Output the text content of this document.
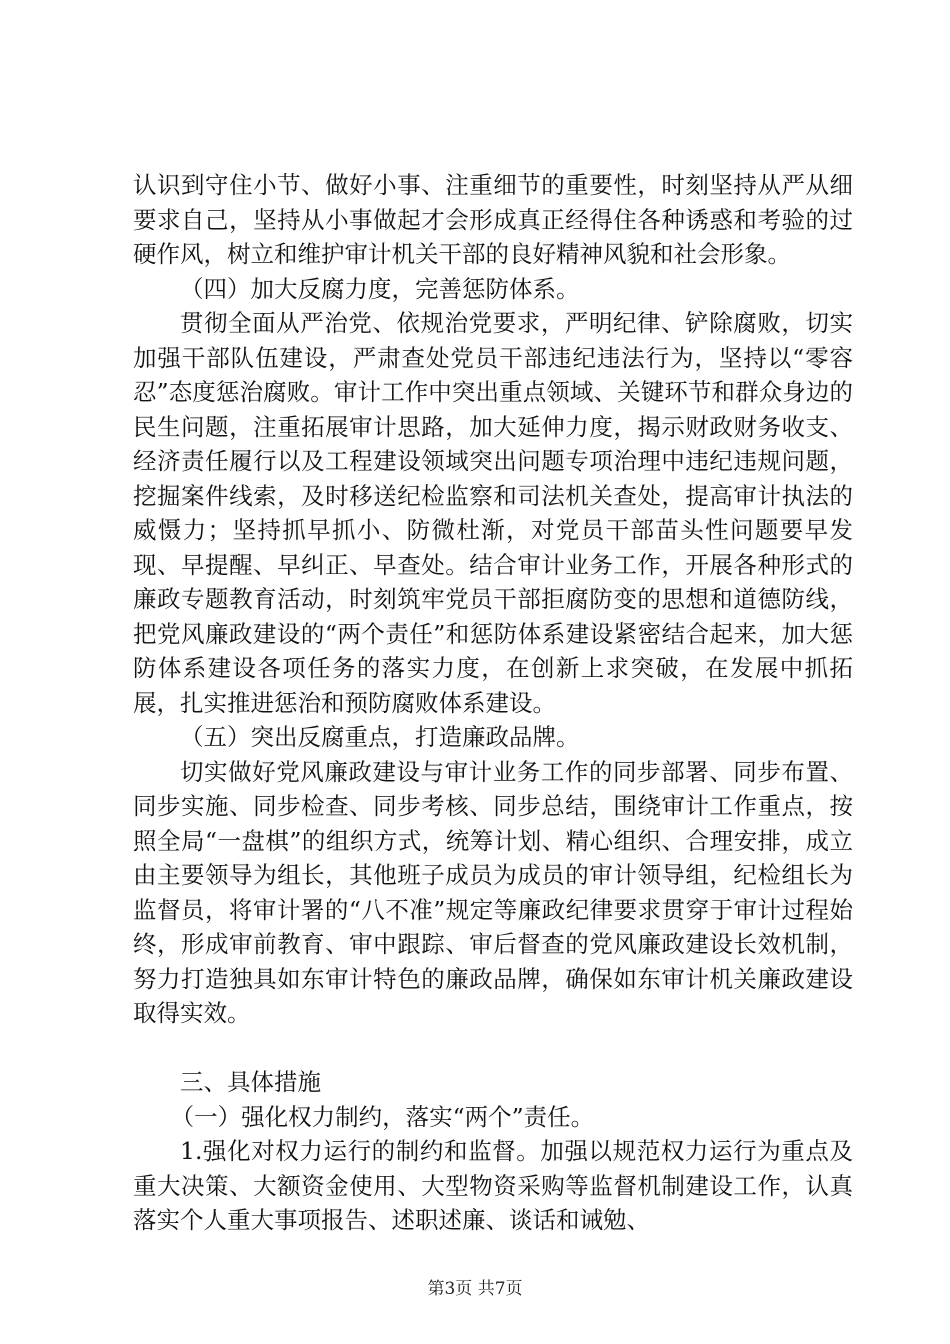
认识到守住小节、做好小事、注重细节的重要性，时刻坚持从严从细要求自己，坚持从小事做起才会形成真正经得住各种诱惑和考验的过硬作风，树立和维护审计机关干部的良好精神风貌和社会形象。

（四）加大反腐力度，完善惩防体系。

贯彻全面从严治党、依规治党要求，严明纪律、铲除腐败，切实加强干部队伍建设，严肃查处党员干部违纪违法行为，坚持以“零容忍”态度惩治腐败。审计工作中突出重点领域、关键环节和群众身边的民生问题，注重拓展审计思路，加大延伸力度，揭示财政财务收支、经济责任履行以及工程建设领域突出问题专项治理中违纪违规问题，挖掘案件线索，及时移送纪检监察和司法机关查处，提高审计执法的威慑力；坚持抓早抓小、防微杜渐，对党员干部苗头性问题要早发现、早提醒、早纠正、早查处。结合审计业务工作，开展各种形式的廉政专题教育活动，时刻筑牢党员干部拒腐防变的思想和道德防线，把党风廉政建设的“两个责任”和惩防体系建设紧密结合起来，加大惩防体系建设各项任务的落实力度，在创新上求突破，在发展中抓拓展，扎实推进惩治和预防腐败体系建设。

（五）突出反腐重点，打造廉政品牌。

切实做好党风廉政建设与审计业务工作的同步部署、同步布置、同步实施、同步检查、同步考核、同步总结，围绕审计工作重点，按照全局“一盘棋”的组织方式，统筹计划、精心组织、合理安排，成立由主要领导为组长，其他班子成员为成员的审计领导组，纪检组长为监督员，将审计署的“八不准”规定等廉政纪律要求贯穿于审计过程始终，形成审前教育、审中跟踪、审后督查的党风廉政建设长效机制，努力打造独具如东审计特色的廉政品牌，确保如东审计机关廉政建设取得实效。

三、具体措施

（一）强化权力制约，落实“两个”责任。

1.强化对权力运行的制约和监督。加强以规范权力运行为重点及重大决策、大额资金使用、大型物资采购等监督机制建设工作，认真落实个人重大事项报告、述职述廉、谈话和诫勉、

第3页 共7页
